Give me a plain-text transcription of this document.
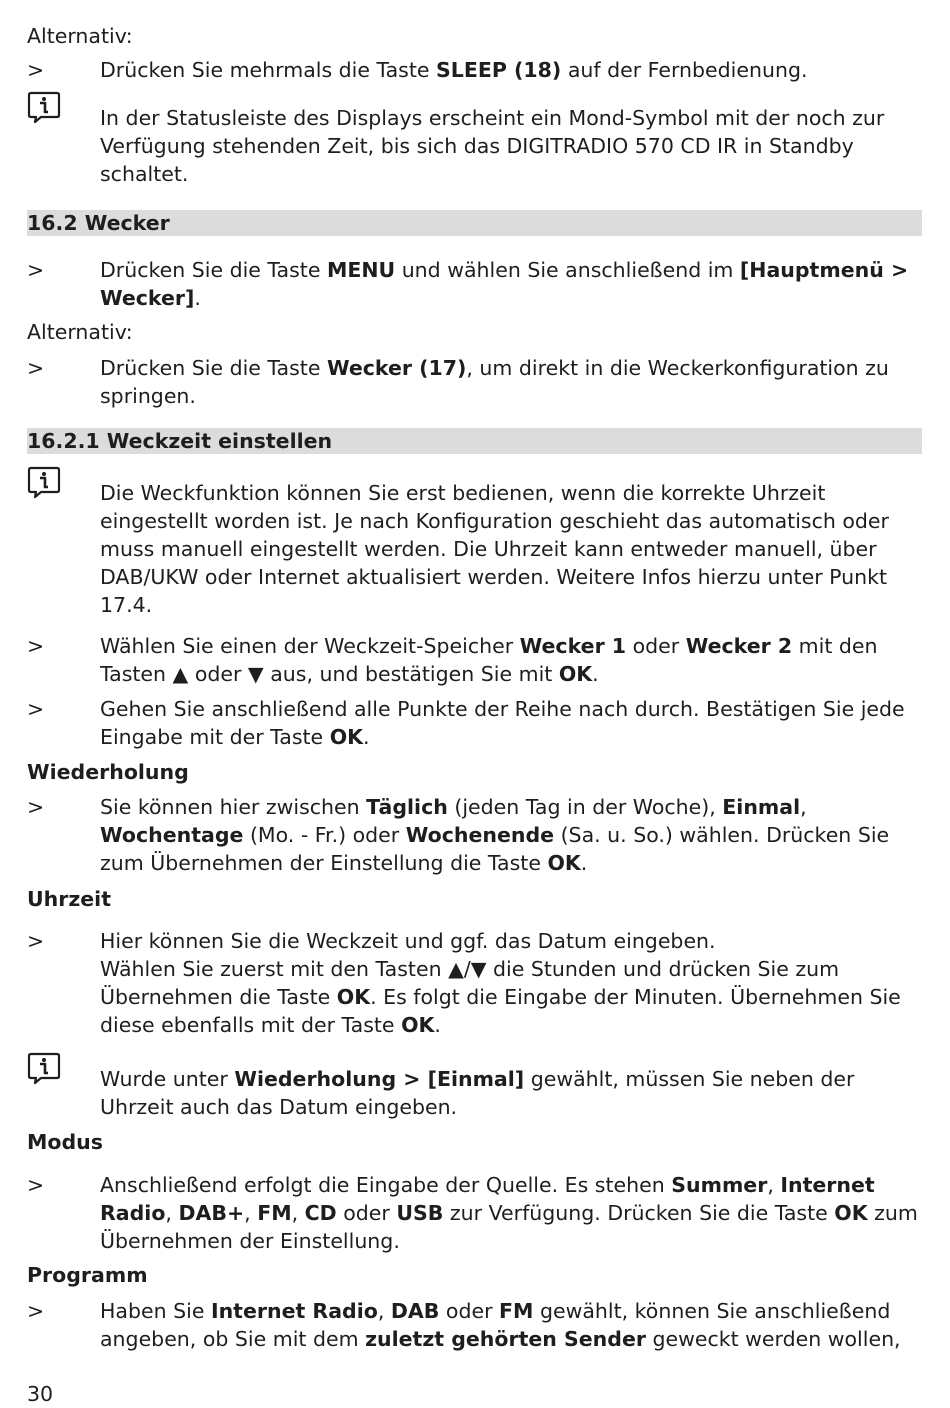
Alternativ:
>	Drücken Sie mehrmals die Taste SLEEP (18) auf der Fernbedienung.
In der Statusleiste des Displays erscheint ein Mond-Symbol mit der noch zur Verfügung stehenden Zeit, bis sich das DIGITRADIO 570 CD IR in Standby schaltet.
16.2 Wecker
>	Drücken Sie die Taste MENU und wählen Sie anschließend im [Hauptmenü > Wecker].
Alternativ:
>	Drücken Sie die Taste Wecker (17), um direkt in die Weckerkonfiguration zu springen.
16.2.1 Weckzeit einstellen
Die Weckfunktion können Sie erst bedienen, wenn die korrekte Uhrzeit eingestellt worden ist. Je nach Konfiguration geschieht das automatisch oder muss manuell eingestellt werden. Die Uhrzeit kann entweder manuell, über DAB/UKW oder Internet aktualisiert werden. Weitere Infos hierzu unter Punkt 17.4.
>	Wählen Sie einen der Weckzeit-Speicher Wecker 1 oder Wecker 2 mit den Tasten ▲ oder ▼ aus, und bestätigen Sie mit OK.
>	Gehen Sie anschließend alle Punkte der Reihe nach durch. Bestätigen Sie jede Eingabe mit der Taste OK.
Wiederholung
>	Sie können hier zwischen Täglich (jeden Tag in der Woche), Einmal, Wochentage (Mo. - Fr.) oder Wochenende (Sa. u. So.) wählen. Drücken Sie zum Übernehmen der Einstellung die Taste OK.
Uhrzeit
>	Hier können Sie die Weckzeit und ggf. das Datum eingeben.
Wählen Sie zuerst mit den Tasten ▲/▼ die Stunden und drücken Sie zum Übernehmen die Taste OK. Es folgt die Eingabe der Minuten. Übernehmen Sie diese ebenfalls mit der Taste OK.
Wurde unter Wiederholung > [Einmal] gewählt, müssen Sie neben der Uhrzeit auch das Datum eingeben.
Modus
>	Anschließend erfolgt die Eingabe der Quelle. Es stehen Summer, Internet Radio, DAB+, FM, CD oder USB zur Verfügung. Drücken Sie die Taste OK zum Übernehmen der Einstellung.
Programm
>	Haben Sie Internet Radio, DAB oder FM gewählt, können Sie anschließend angeben, ob Sie mit dem zuletzt gehörten Sender geweckt werden wollen,
30
